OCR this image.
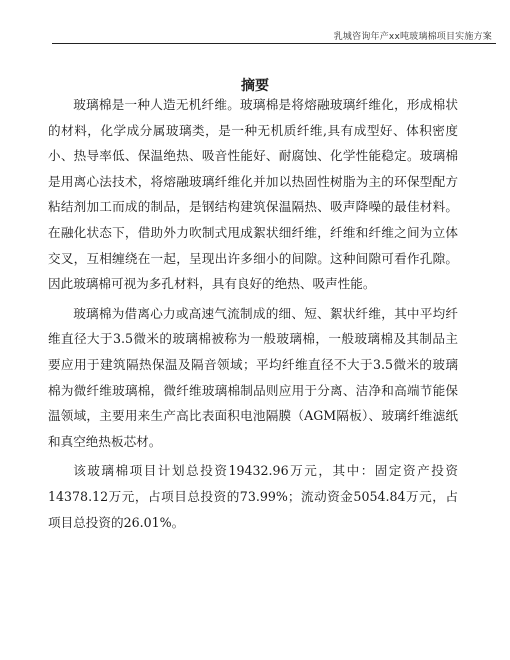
乳城咨询年产xx吨玻璃棉项目实施方案
摘要

玻璃棉是一种人造无机纤维。玻璃棉是将熔融玻璃纤维化，形成棉状的材料，化学成分属玻璃类，是一种无机质纤维,具有成型好、体积密度小、热导率低、保温绝热、吸音性能好、耐腐蚀、化学性能稳定。玻璃棉是用离心法技术，将熔融玻璃纤维化并加以热固性树脂为主的环保型配方粘结剂加工而成的制品，是钢结构建筑保温隔热、吸声降噪的最佳材料。在融化状态下，借助外力吹制式甩成絮状细纤维，纤维和纤维之间为立体交叉，互相缠绕在一起，呈现出许多细小的间隙。这种间隙可看作孔隙。因此玻璃棉可视为多孔材料，具有良好的绝热、吸声性能。

玻璃棉为借离心力或高速气流制成的细、短、絮状纤维，其中平均纤维直径大于3.5微米的玻璃棉被称为一般玻璃棉，一般玻璃棉及其制品主要应用于建筑隔热保温及隔音领域；平均纤维直径不大于3.5微米的玻璃棉为微纤维玻璃棉，微纤维玻璃棉制品则应用于分离、洁净和高端节能保温领域，主要用来生产高比表面积电池隔膜（AGM隔板）、玻璃纤维滤纸和真空绝热板芯材。

该玻璃棉项目计划总投资19432.96万元，其中：固定资产投资14378.12万元，占项目总投资的73.99%；流动资金5054.84万元，占项目总投资的26.01%。
